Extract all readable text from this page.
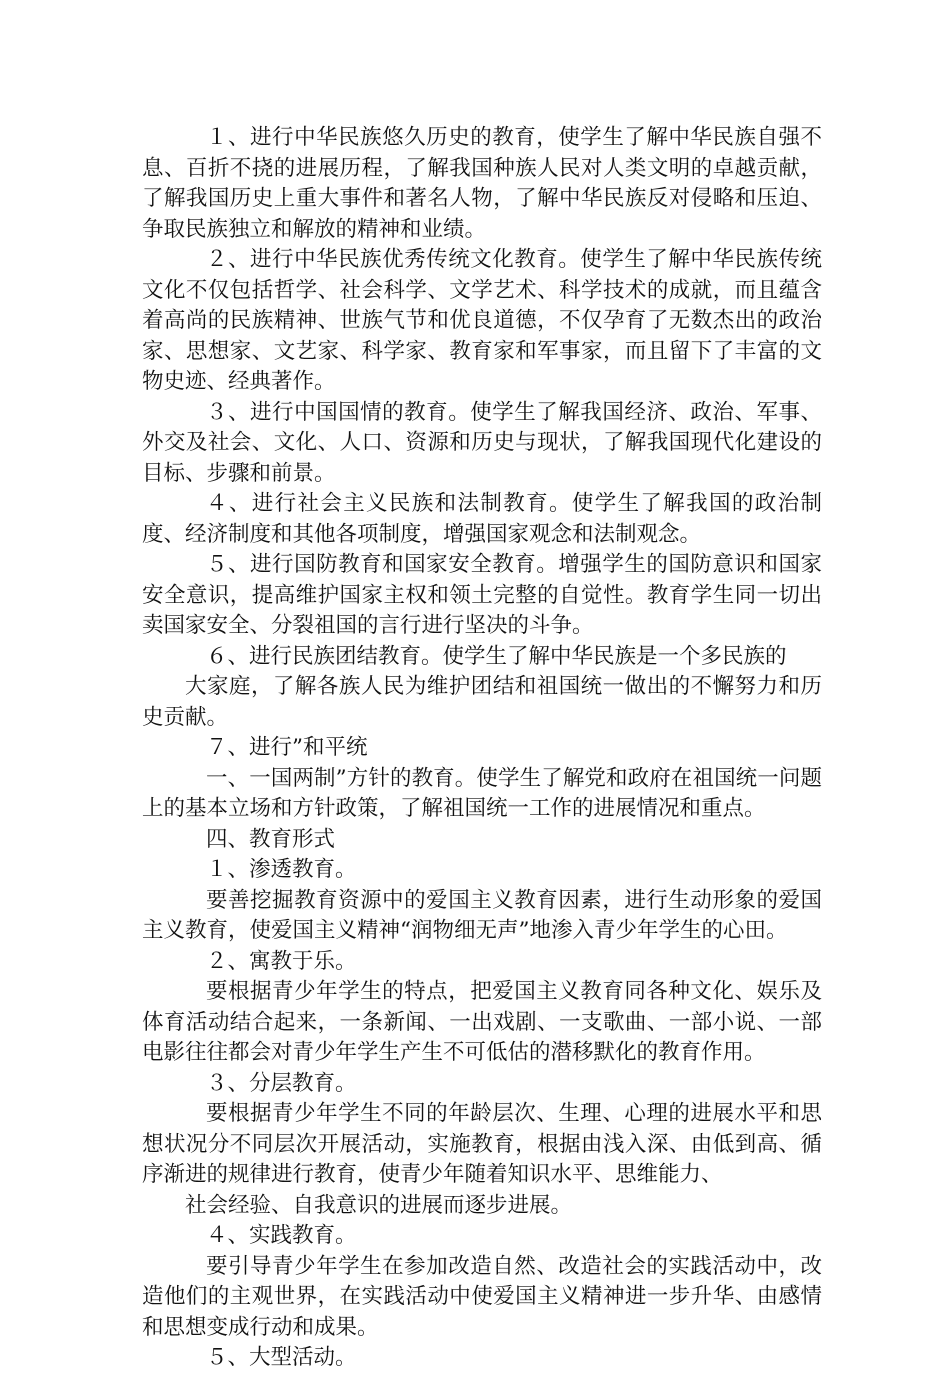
１、进行中华民族悠久历史的教育，使学生了解中华民族自强不息、百折不挠的进展历程，了解我国种族人民对人类文明的卓越贡献，了解我国历史上重大事件和著名人物，了解中华民族反对侵略和压迫、争取民族独立和解放的精神和业绩。

２、进行中华民族优秀传统文化教育。使学生了解中华民族传统文化不仅包括哲学、社会科学、文学艺术、科学技术的成就，而且蕴含着高尚的民族精神、世族气节和优良道德，不仅孕育了无数杰出的政治家、思想家、文艺家、科学家、教育家和军事家，而且留下了丰富的文物史迹、经典著作。

３、进行中国国情的教育。使学生了解我国经济、政治、军事、外交及社会、文化、人口、资源和历史与现状，了解我国现代化建设的目标、步骤和前景。

４、进行社会主义民族和法制教育。使学生了解我国的政治制度、经济制度和其他各项制度，增强国家观念和法制观念。

５、进行国防教育和国家安全教育。增强学生的国防意识和国家安全意识，提高维护国家主权和领土完整的自觉性。教育学生同一切出卖国家安全、分裂祖国的言行进行坚决的斗争。

６、进行民族团结教育。使学生了解中华民族是一个多民族的

大家庭，了解各族人民为维护团结和祖国统一做出的不懈努力和历史贡献。

７、进行”和平统

一、一国两制”方针的教育。使学生了解党和政府在祖国统一问题上的基本立场和方针政策，了解祖国统一工作的进展情况和重点。

四、教育形式

１、渗透教育。

要善挖掘教育资源中的爱国主义教育因素，进行生动形象的爱国主义教育，使爱国主义精神“润物细无声”地渗入青少年学生的心田。

２、寓教于乐。

要根据青少年学生的特点，把爱国主义教育同各种文化、娱乐及体育活动结合起来，一条新闻、一出戏剧、一支歌曲、一部小说、一部电影往往都会对青少年学生产生不可低估的潜移默化的教育作用。

３、分层教育。

要根据青少年学生不同的年龄层次、生理、心理的进展水平和思想状况分不同层次开展活动，实施教育，根据由浅入深、由低到高、循序渐进的规律进行教育，使青少年随着知识水平、思维能力、

社会经验、自我意识的进展而逐步进展。

４、实践教育。

要引导青少年学生在参加改造自然、改造社会的实践活动中，改造他们的主观世界，在实践活动中使爱国主义精神进一步升华、由感情和思想变成行动和成果。

５、大型活动。
